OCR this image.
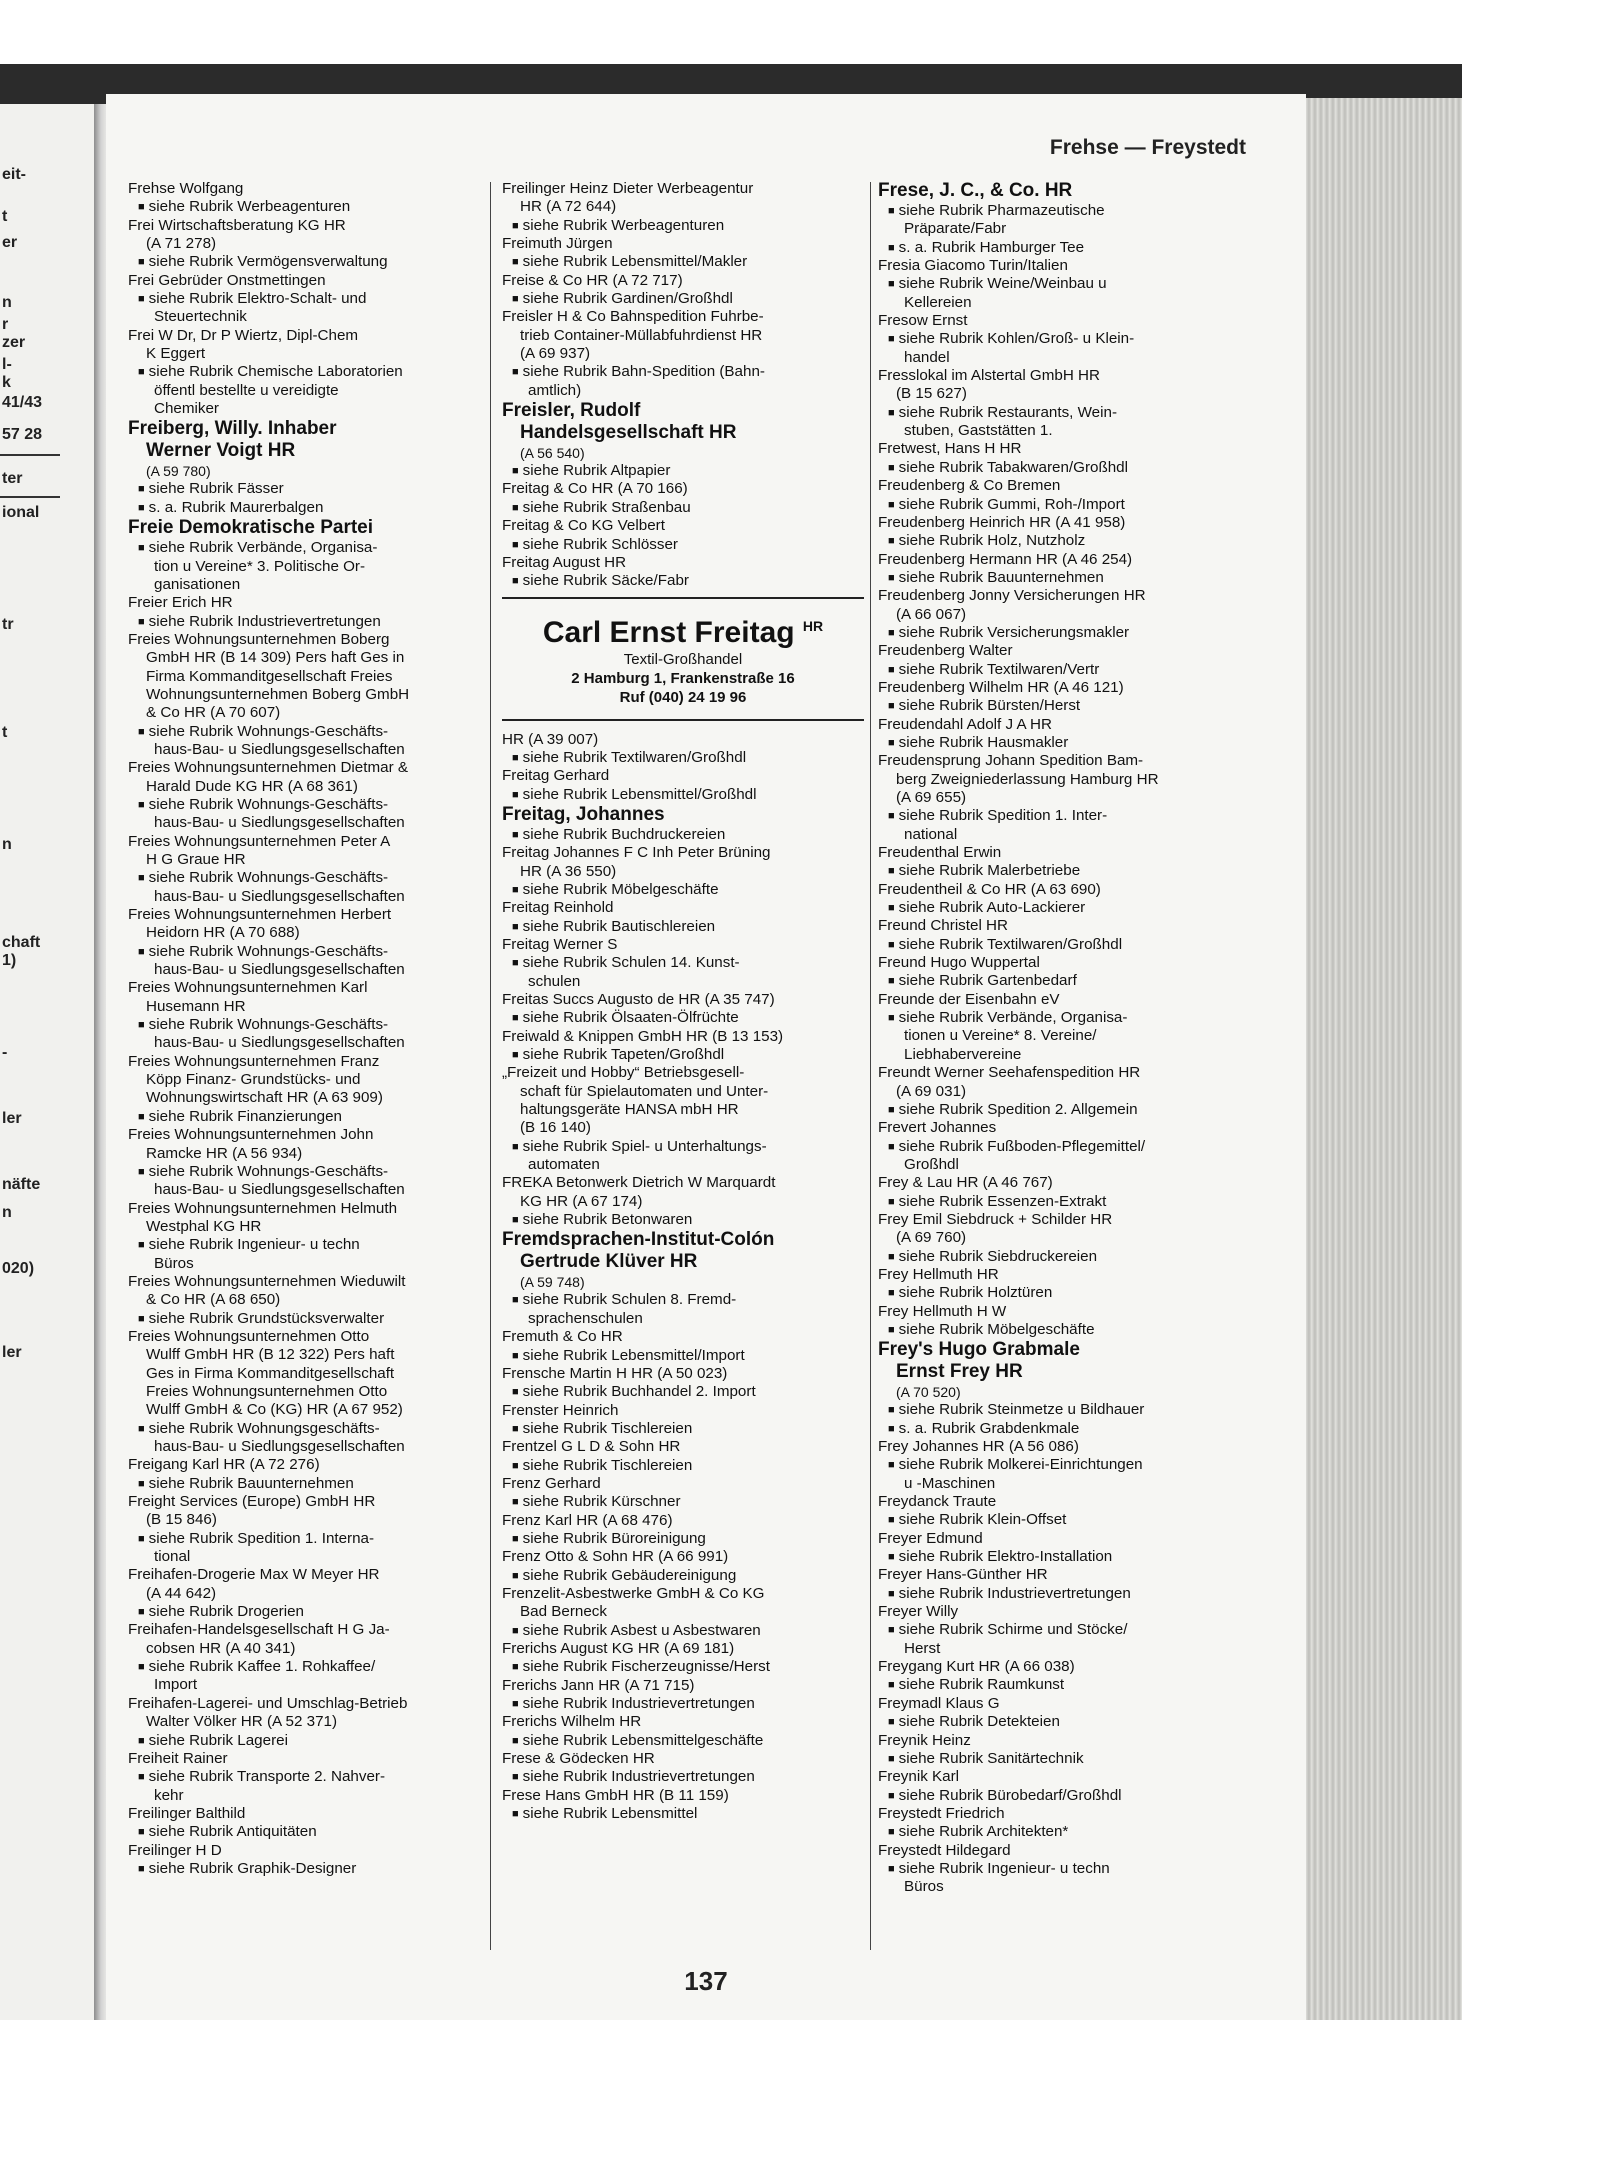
eit-
t
er
n
r
zer
l-
k
41/43
57 28
ter
ional
tr
t
n
chaft
1)
-
ler
näfte
n
020)
ler
Frehse — Freystedt
Frehse Wolfgang
■ siehe Rubrik Werbeagenturen
Frei Wirtschaftsberatung KG HR
(A 71 278)
■ siehe Rubrik Vermögensverwaltung
Frei Gebrüder Onstmettingen
■ siehe Rubrik Elektro-Schalt- und
Steuertechnik
Frei W Dr, Dr P Wiertz, Dipl-Chem
K Eggert
■ siehe Rubrik Chemische Laboratorien
öffentl bestellte u vereidigte
Chemiker
Freiberg, Willy. Inhaber
Werner Voigt HR
(A 59 780)
■ siehe Rubrik Fässer
■ s. a. Rubrik Maurerbalgen
Freie Demokratische Partei
■ siehe Rubrik Verbände, Organisa-
tion u Vereine* 3. Politische Or-
ganisationen
Freier Erich HR
■ siehe Rubrik Industrievertretungen
Freies Wohnungsunternehmen Boberg
GmbH HR (B 14 309) Pers haft Ges in
Firma Kommanditgesellschaft Freies
Wohnungsunternehmen Boberg GmbH
& Co HR (A 70 607)
■ siehe Rubrik Wohnungs-Geschäfts-
haus-Bau- u Siedlungsgesellschaften
Freies Wohnungsunternehmen Dietmar &
Harald Dude KG HR (A 68 361)
■ siehe Rubrik Wohnungs-Geschäfts-
haus-Bau- u Siedlungsgesellschaften
Freies Wohnungsunternehmen Peter A
H G Graue HR
■ siehe Rubrik Wohnungs-Geschäfts-
haus-Bau- u Siedlungsgesellschaften
Freies Wohnungsunternehmen Herbert
Heidorn HR (A 70 688)
■ siehe Rubrik Wohnungs-Geschäfts-
haus-Bau- u Siedlungsgesellschaften
Freies Wohnungsunternehmen Karl
Husemann HR
■ siehe Rubrik Wohnungs-Geschäfts-
haus-Bau- u Siedlungsgesellschaften
Freies Wohnungsunternehmen Franz
Köpp Finanz- Grundstücks- und
Wohnungswirtschaft HR (A 63 909)
■ siehe Rubrik Finanzierungen
Freies Wohnungsunternehmen John
Ramcke HR (A 56 934)
■ siehe Rubrik Wohnungs-Geschäfts-
haus-Bau- u Siedlungsgesellschaften
Freies Wohnungsunternehmen Helmuth
Westphal KG HR
■ siehe Rubrik Ingenieur- u techn
Büros
Freies Wohnungsunternehmen Wieduwilt
& Co HR (A 68 650)
■ siehe Rubrik Grundstücksverwalter
Freies Wohnungsunternehmen Otto
Wulff GmbH HR (B 12 322) Pers haft
Ges in Firma Kommanditgesellschaft
Freies Wohnungsunternehmen Otto
Wulff GmbH & Co (KG) HR (A 67 952)
■ siehe Rubrik Wohnungsgeschäfts-
haus-Bau- u Siedlungsgesellschaften
Freigang Karl HR (A 72 276)
■ siehe Rubrik Bauunternehmen
Freight Services (Europe) GmbH HR
(B 15 846)
■ siehe Rubrik Spedition 1. Interna-
tional
Freihafen-Drogerie Max W Meyer HR
(A 44 642)
■ siehe Rubrik Drogerien
Freihafen-Handelsgesellschaft H G Ja-
cobsen HR (A 40 341)
■ siehe Rubrik Kaffee 1. Rohkaffee/
Import
Freihafen-Lagerei- und Umschlag-Betrieb
Walter Völker HR (A 52 371)
■ siehe Rubrik Lagerei
Freiheit Rainer
■ siehe Rubrik Transporte 2. Nahver-
kehr
Freilinger Balthild
■ siehe Rubrik Antiquitäten
Freilinger H D
■ siehe Rubrik Graphik-Designer
Freilinger Heinz Dieter Werbeagentur
HR (A 72 644)
■ siehe Rubrik Werbeagenturen
Freimuth Jürgen
■ siehe Rubrik Lebensmittel/Makler
Freise & Co HR (A 72 717)
■ siehe Rubrik Gardinen/Großhdl
Freisler H & Co Bahnspedition Fuhrbe-
trieb Container-Müllabfuhrdienst HR
(A 69 937)
■ siehe Rubrik Bahn-Spedition (Bahn-
amtlich)
Freisler, Rudolf
Handelsgesellschaft HR
(A 56 540)
■ siehe Rubrik Altpapier
Freitag & Co HR (A 70 166)
■ siehe Rubrik Straßenbau
Freitag & Co KG Velbert
■ siehe Rubrik Schlösser
Freitag August HR
■ siehe Rubrik Säcke/Fabr
Carl Ernst Freitag $^{HR}$
Textil-Großhandel
2 Hamburg 1, Frankenstraße 16
Ruf (040) 24 19 96
HR (A 39 007)
■ siehe Rubrik Textilwaren/Großhdl
Freitag Gerhard
■ siehe Rubrik Lebensmittel/Großhdl
Freitag, Johannes
■ siehe Rubrik Buchdruckereien
Freitag Johannes F C Inh Peter Brüning
HR (A 36 550)
■ siehe Rubrik Möbelgeschäfte
Freitag Reinhold
■ siehe Rubrik Bautischlereien
Freitag Werner S
■ siehe Rubrik Schulen 14. Kunst-
schulen
Freitas Succs Augusto de HR (A 35 747)
■ siehe Rubrik Ölsaaten-Ölfrüchte
Freiwald & Knippen GmbH HR (B 13 153)
■ siehe Rubrik Tapeten/Großhdl
„Freizeit und Hobby“ Betriebsgesell-
schaft für Spielautomaten und Unter-
haltungsgeräte HANSA mbH HR
(B 16 140)
■ siehe Rubrik Spiel- u Unterhaltungs-
automaten
FREKA Betonwerk Dietrich W Marquardt
KG HR (A 67 174)
■ siehe Rubrik Betonwaren
Fremdsprachen-Institut-Colón
Gertrude Klüver HR
(A 59 748)
■ siehe Rubrik Schulen 8. Fremd-
sprachenschulen
Fremuth & Co HR
■ siehe Rubrik Lebensmittel/Import
Frensche Martin H HR (A 50 023)
■ siehe Rubrik Buchhandel 2. Import
Frenster Heinrich
■ siehe Rubrik Tischlereien
Frentzel G L D & Sohn HR
■ siehe Rubrik Tischlereien
Frenz Gerhard
■ siehe Rubrik Kürschner
Frenz Karl HR (A 68 476)
■ siehe Rubrik Büroreinigung
Frenz Otto & Sohn HR (A 66 991)
■ siehe Rubrik Gebäudereinigung
Frenzelit-Asbestwerke GmbH & Co KG
Bad Berneck
■ siehe Rubrik Asbest u Asbestwaren
Frerichs August KG HR (A 69 181)
■ siehe Rubrik Fischerzeugnisse/Herst
Frerichs Jann HR (A 71 715)
■ siehe Rubrik Industrievertretungen
Frerichs Wilhelm HR
■ siehe Rubrik Lebensmittelgeschäfte
Frese & Gödecken HR
■ siehe Rubrik Industrievertretungen
Frese Hans GmbH HR (B 11 159)
■ siehe Rubrik Lebensmittel
Frese, J. C., & Co. HR
■ siehe Rubrik Pharmazeutische
Präparate/Fabr
■ s. a. Rubrik Hamburger Tee
Fresia Giacomo Turin/Italien
■ siehe Rubrik Weine/Weinbau u
Kellereien
Fresow Ernst
■ siehe Rubrik Kohlen/Groß- u Klein-
handel
Fresslokal im Alstertal GmbH HR
(B 15 627)
■ siehe Rubrik Restaurants, Wein-
stuben, Gaststätten 1.
Fretwest, Hans H HR
■ siehe Rubrik Tabakwaren/Großhdl
Freudenberg & Co Bremen
■ siehe Rubrik Gummi, Roh-/Import
Freudenberg Heinrich HR (A 41 958)
■ siehe Rubrik Holz, Nutzholz
Freudenberg Hermann HR (A 46 254)
■ siehe Rubrik Bauunternehmen
Freudenberg Jonny Versicherungen HR
(A 66 067)
■ siehe Rubrik Versicherungsmakler
Freudenberg Walter
■ siehe Rubrik Textilwaren/Vertr
Freudenberg Wilhelm HR (A 46 121)
■ siehe Rubrik Bürsten/Herst
Freudendahl Adolf J A HR
■ siehe Rubrik Hausmakler
Freudensprung Johann Spedition Bam-
berg Zweigniederlassung Hamburg HR
(A 69 655)
■ siehe Rubrik Spedition 1. Inter-
national
Freudenthal Erwin
■ siehe Rubrik Malerbetriebe
Freudentheil & Co HR (A 63 690)
■ siehe Rubrik Auto-Lackierer
Freund Christel HR
■ siehe Rubrik Textilwaren/Großhdl
Freund Hugo Wuppertal
■ siehe Rubrik Gartenbedarf
Freunde der Eisenbahn eV
■ siehe Rubrik Verbände, Organisa-
tionen u Vereine* 8. Vereine/
Liebhabervereine
Freundt Werner Seehafenspedition HR
(A 69 031)
■ siehe Rubrik Spedition 2. Allgemein
Frevert Johannes
■ siehe Rubrik Fußboden-Pflegemittel/
Großhdl
Frey & Lau HR (A 46 767)
■ siehe Rubrik Essenzen-Extrakt
Frey Emil Siebdruck + Schilder HR
(A 69 760)
■ siehe Rubrik Siebdruckereien
Frey Hellmuth HR
■ siehe Rubrik Holztüren
Frey Hellmuth H W
■ siehe Rubrik Möbelgeschäfte
Frey's Hugo Grabmale
Ernst Frey HR
(A 70 520)
■ siehe Rubrik Steinmetze u Bildhauer
■ s. a. Rubrik Grabdenkmale
Frey Johannes HR (A 56 086)
■ siehe Rubrik Molkerei-Einrichtungen
u -Maschinen
Freydanck Traute
■ siehe Rubrik Klein-Offset
Freyer Edmund
■ siehe Rubrik Elektro-Installation
Freyer Hans-Günther HR
■ siehe Rubrik Industrievertretungen
Freyer Willy
■ siehe Rubrik Schirme und Stöcke/
Herst
Freygang Kurt HR (A 66 038)
■ siehe Rubrik Raumkunst
Freymadl Klaus G
■ siehe Rubrik Detekteien
Freynik Heinz
■ siehe Rubrik Sanitärtechnik
Freynik Karl
■ siehe Rubrik Bürobedarf/Großhdl
Freystedt Friedrich
■ siehe Rubrik Architekten*
Freystedt Hildegard
■ siehe Rubrik Ingenieur- u techn
Büros
137
